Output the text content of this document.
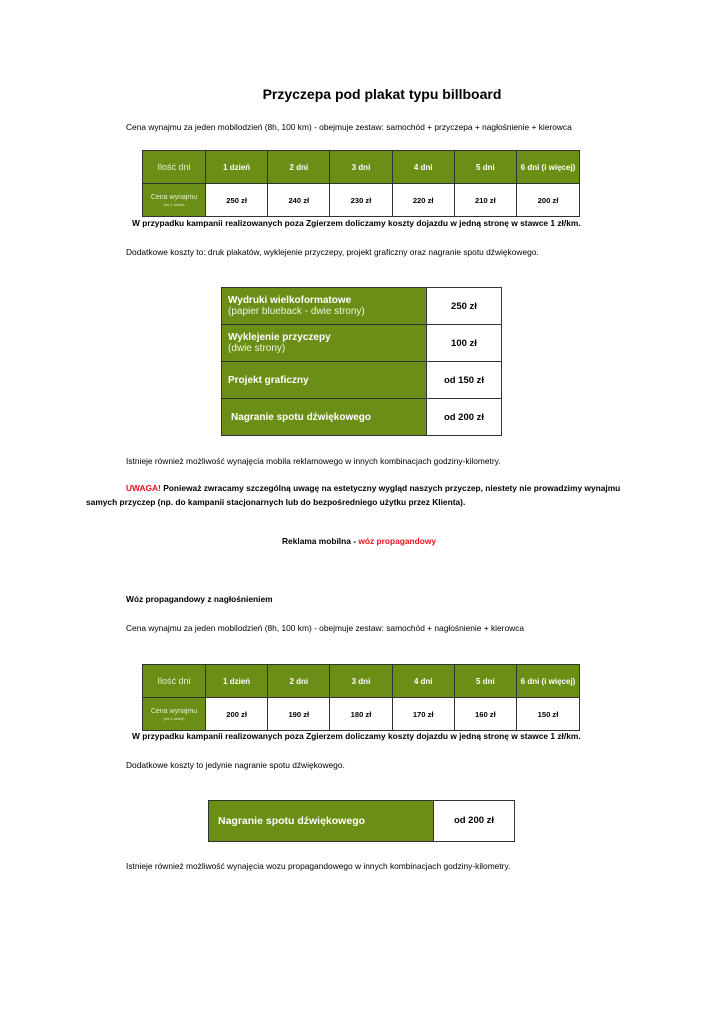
Przyczepa pod plakat typu billboard
Cena wynajmu za jeden mobilodzień (8h, 100 km) - obejmuje zestaw: samochód + przyczepa + nagłośnienie + kierowca
Ilość dni	1 dzień	2 dni	3 dni	4 dni	5 dni	6 dni (i więcej)
Cena wynajmu
(za 1 dzień)	250 zł	240 zł	230 zł	220 zł	210 zł	200 zł
W przypadku kampanii realizowanych poza Zgierzem doliczamy koszty dojazdu w jedną stronę w stawce 1 zł/km.
Dodatkowe koszty to: druk plakatów, wyklejenie przyczepy, projekt graficzny oraz nagranie spotu dźwiękowego.
Wydruki wielkoformatowe
(papier blueback - dwie strony)	250 zł

Wyklejenie przyczepy
(dwie strony)	100 zł

Projekt graficzny	od 150 zł

Nagranie spotu dźwiękowego	od 200 zł
Istnieje również możliwość wynajęcia mobila reklamowego w innych kombinacjach godziny-kilometry.
UWAGA! Ponieważ zwracamy szczególną uwagę na estetyczny wygląd naszych przyczep, niestety nie prowadzimy wynajmu
samych przyczep (np. do kampanii stacjonarnych lub do bezpośredniego użytku przez Klienta).
Reklama mobilna - wóz propagandowy
Wóz propagandowy z nagłośnieniem
Cena wynajmu za jeden mobilodzień (8h, 100 km) - obejmuje zestaw: samochód + nagłośnienie + kierowca
Ilość dni	1 dzień	2 dni	3 dni	4 dni	5 dni	6 dni (i więcej)
Cena wynajmu
(za 1 dzień)	200 zł	190 zł	180 zł	170 zł	160 zł	150 zł
W przypadku kampanii realizowanych poza Zgierzem doliczamy koszty dojazdu w jedną stronę w stawce 1 zł/km.
Dodatkowe koszty to jedynie nagranie spotu dźwiękowego.
Nagranie spotu dźwiękowego	od 200 zł
Istnieje również możliwość wynajęcia wozu propagandowego w innych kombinacjach godziny-kilometry.
